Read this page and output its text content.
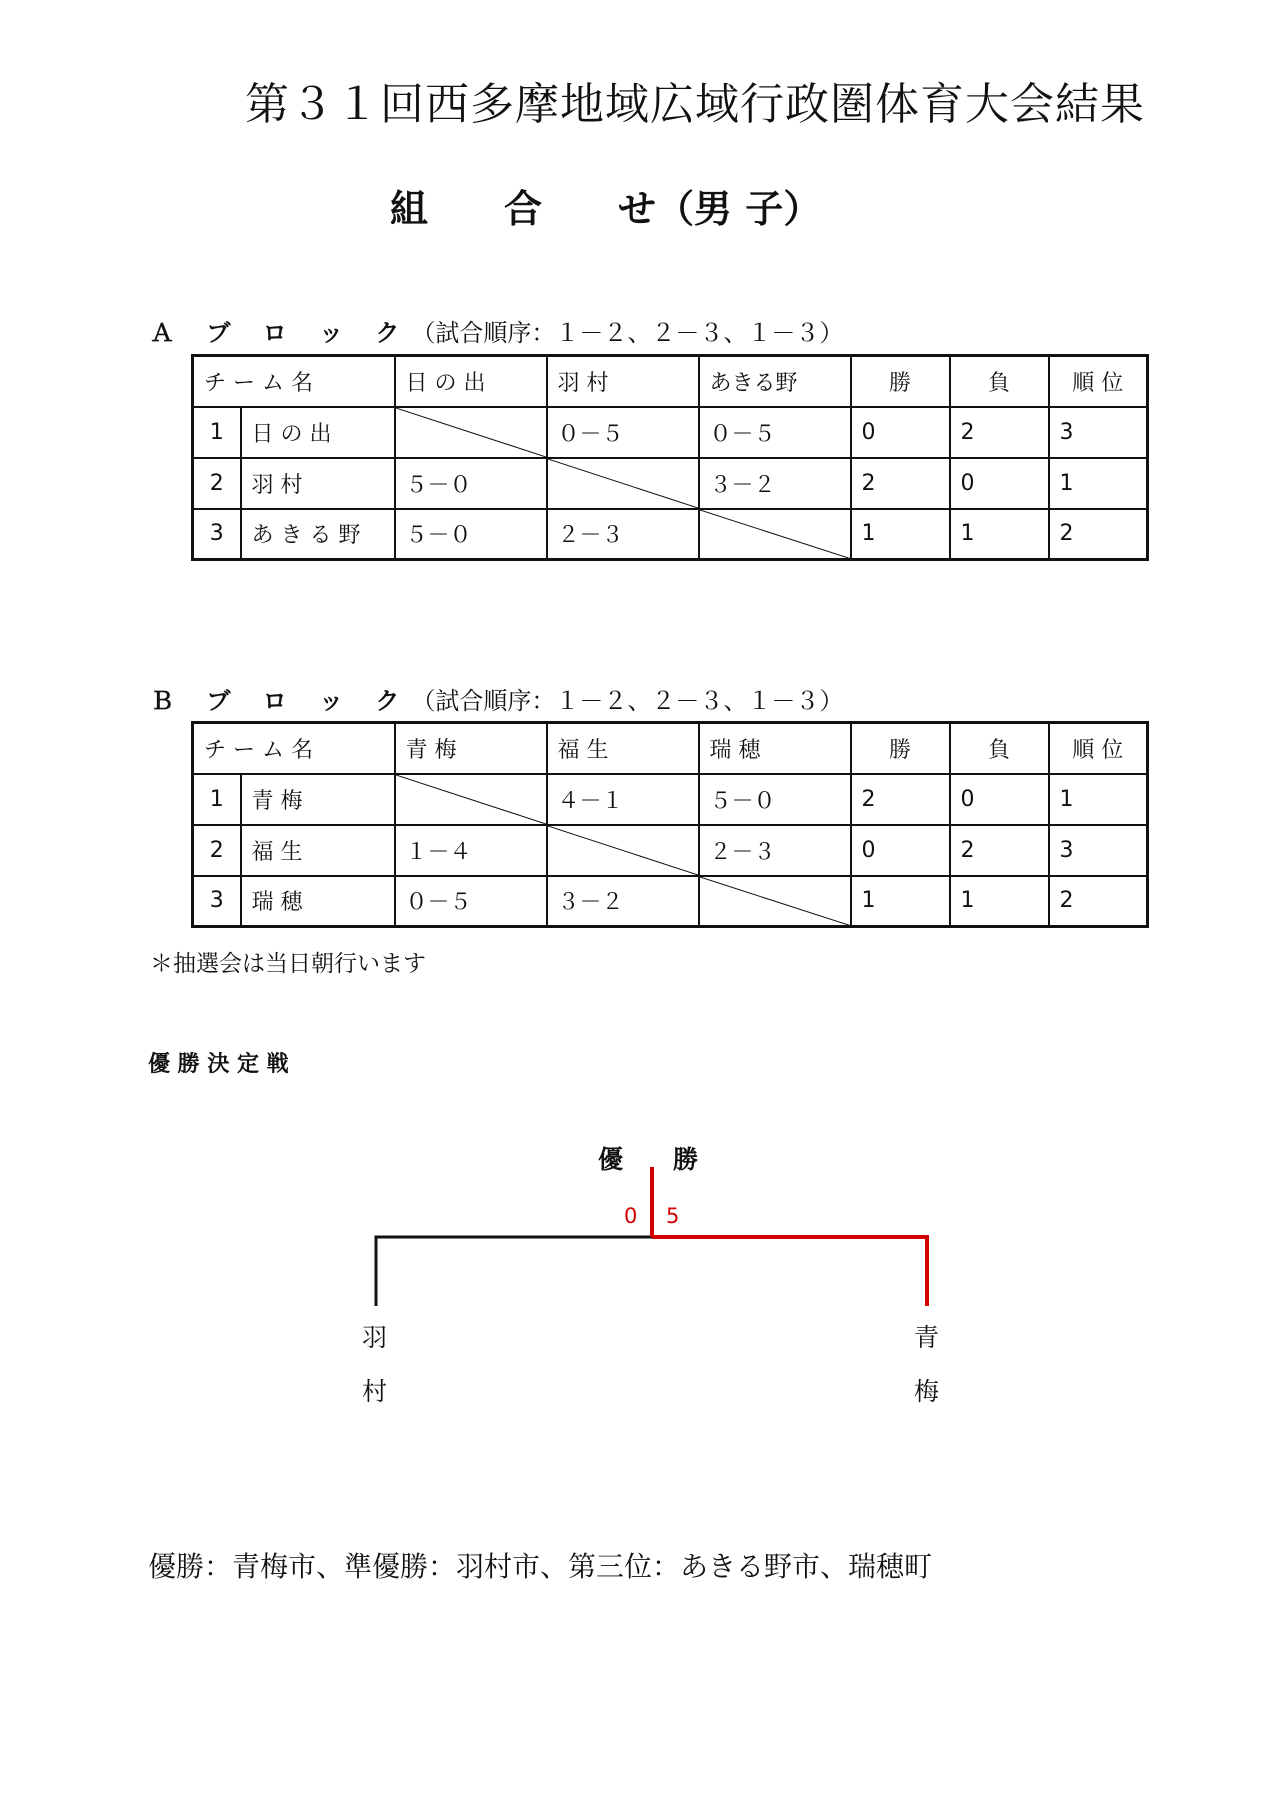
第３１回西多摩地域広域行政圏体育大会結果
組　　合　　せ（男 子）
Ａ ブ ロ ッ ク（試合順序：１－２、２－３、１－３）
チ ー ム 名		日 の 出	羽 村	あきる野	勝	負	順 位
1	日 の 出		０－５	０－５	0	2	3
2	羽 村	５－０		３－２	2	0	1
3	あ き る 野	５－０	２－３		1	1	2
Ｂ ブ ロ ッ ク（試合順序：１－２、２－３、１－３）
チ ー ム 名		青 梅	福 生	瑞 穂	勝	負	順 位
1	青 梅		４－１	５－０	2	0	1
2	福 生	１－４		２－３	0	2	3
3	瑞 穂	０－５	３－２		1	1	2
＊抽選会は当日朝行います
優 勝 決 定 戦
優　　勝
0 5
羽
村
青
梅
優勝：青梅市、準優勝：羽村市、第三位：あきる野市、瑞穂町
